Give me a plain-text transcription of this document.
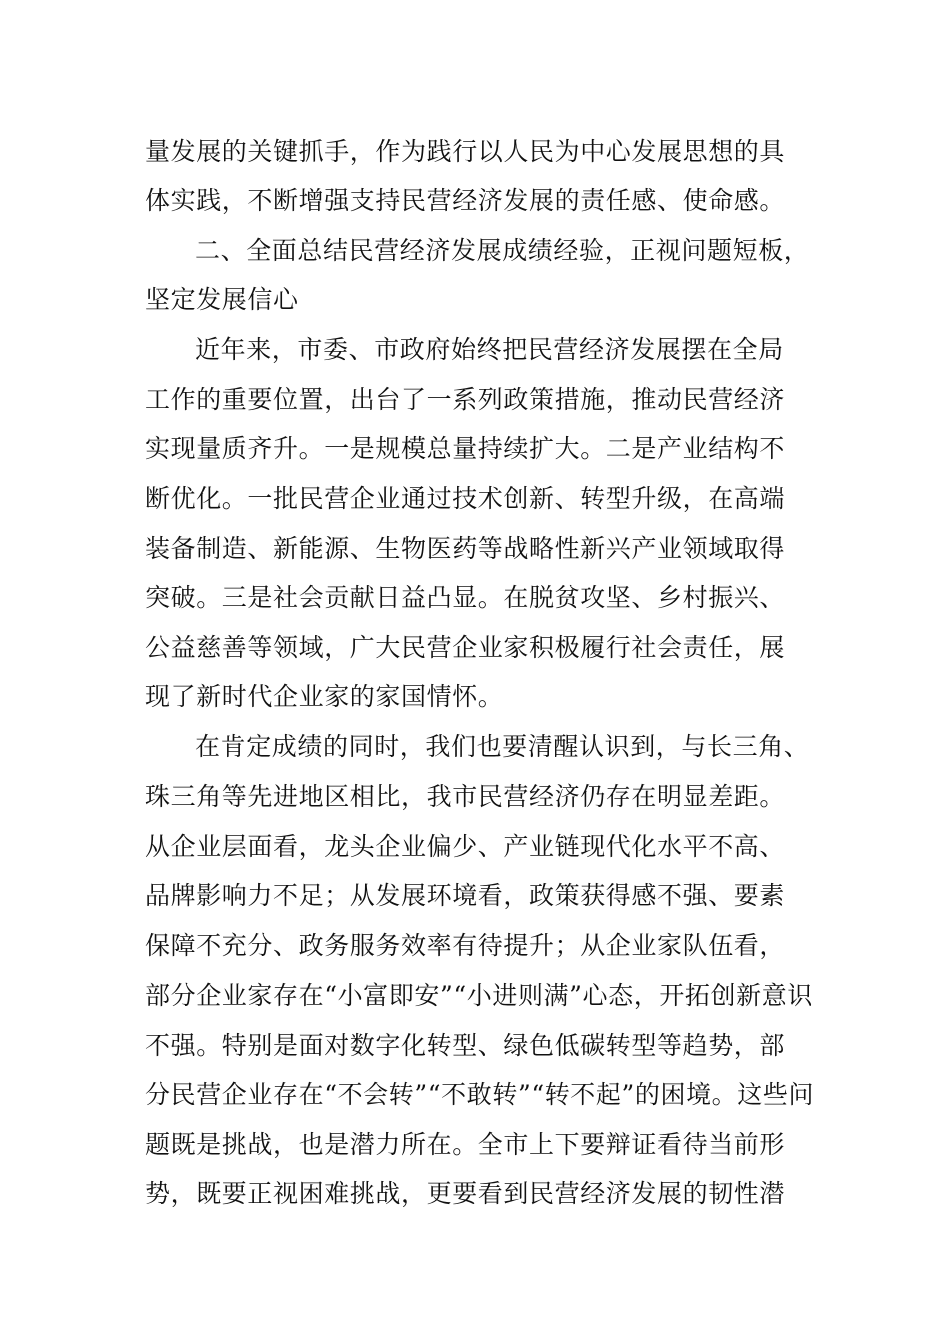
量发展的关键抓手，作为践行以人民为中心发展思想的具

体实践，不断增强支持民营经济发展的责任感、使命感。

二、全面总结民营经济发展成绩经验，正视问题短板，

坚定发展信心

近年来，市委、市政府始终把民营经济发展摆在全局

工作的重要位置，出台了一系列政策措施，推动民营经济

实现量质齐升。一是规模总量持续扩大。二是产业结构不

断优化。一批民营企业通过技术创新、转型升级，在高端

装备制造、新能源、生物医药等战略性新兴产业领域取得

突破。三是社会贡献日益凸显。在脱贫攻坚、乡村振兴、

公益慈善等领域，广大民营企业家积极履行社会责任，展

现了新时代企业家的家国情怀。

在肯定成绩的同时，我们也要清醒认识到，与长三角、

珠三角等先进地区相比，我市民营经济仍存在明显差距。

从企业层面看，龙头企业偏少、产业链现代化水平不高、

品牌影响力不足；从发展环境看，政策获得感不强、要素

保障不充分、政务服务效率有待提升；从企业家队伍看，

部分企业家存在“小富即安”“小进则满”心态，开拓创新意识

不强。特别是面对数字化转型、绿色低碳转型等趋势，部

分民营企业存在“不会转”“不敢转”“转不起”的困境。这些问

题既是挑战，也是潜力所在。全市上下要辩证看待当前形

势，既要正视困难挑战，更要看到民营经济发展的韧性潜
